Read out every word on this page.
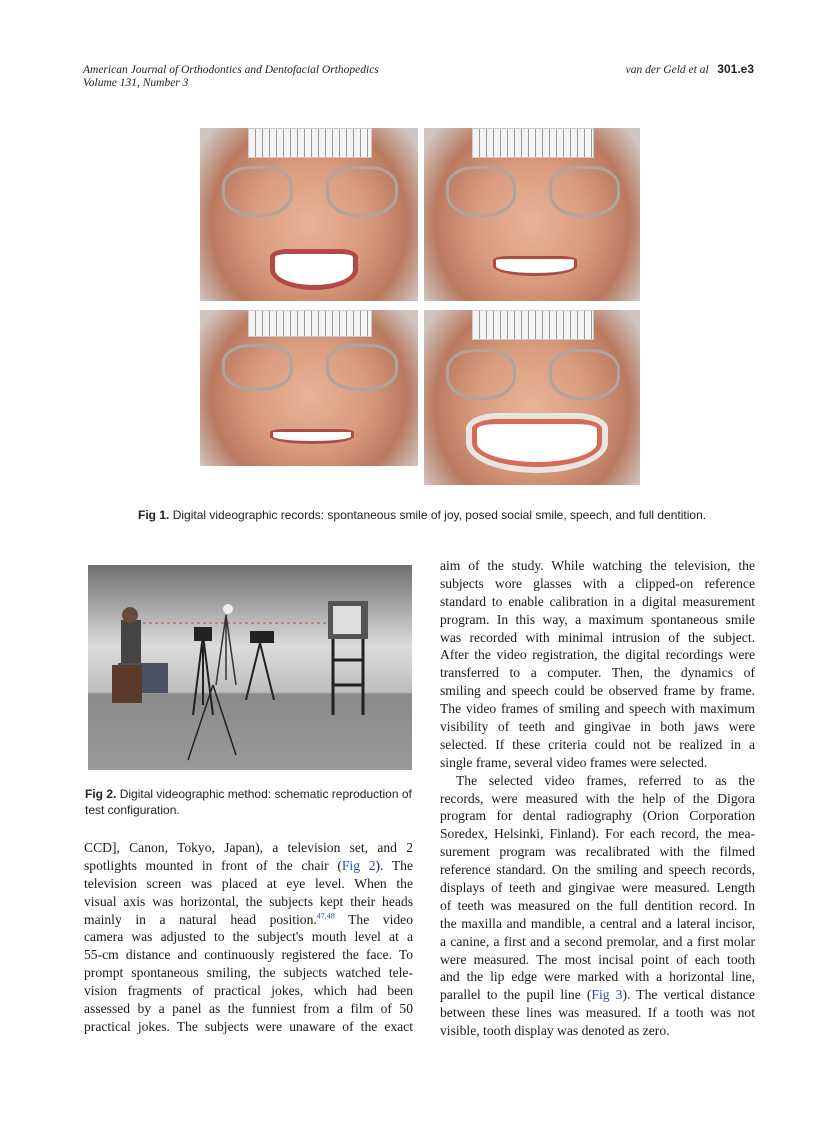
American Journal of Orthodontics and Dentofacial Orthopedics
Volume 131, Number 3
van der Geld et al 301.e3
Fig 1. Digital videographic records: spontaneous smile of joy, posed social smile, speech, and full dentition.
Fig 2. Digital videographic method: schematic reproduction of test configuration.
CCD], Canon, Tokyo, Japan), a television set, and 2
spotlights mounted in front of the chair (Fig 2). The
television screen was placed at eye level. When the
visual axis was horizontal, the subjects kept their heads
mainly in a natural head position.$^{47,48}$ The video
camera was adjusted to the subject's mouth level at a
55-cm distance and continuously registered the face. To
prompt spontaneous smiling, the subjects watched tele-
vision fragments of practical jokes, which had been
assessed by a panel as the funniest from a film of 50
practical jokes. The subjects were unaware of the exact
aim of the study. While watching the television, the
subjects wore glasses with a clipped-on reference
standard to enable calibration in a digital measurement
program. In this way, a maximum spontaneous smile
was recorded with minimal intrusion of the subject.
After the video registration, the digital recordings were
transferred to a computer. Then, the dynamics of
smiling and speech could be observed frame by frame.
The video frames of smiling and speech with maximum
visibility of teeth and gingivae in both jaws were
selected. If these criteria could not be realized in a
single frame, several video frames were selected.
The selected video frames, referred to as the
records, were measured with the help of the Digora
program for dental radiography (Orion Corporation
Soredex, Helsinki, Finland). For each record, the mea-
surement program was recalibrated with the filmed
reference standard. On the smiling and speech records,
displays of teeth and gingivae were measured. Length
of teeth was measured on the full dentition record. In
the maxilla and mandible, a central and a lateral incisor,
a canine, a first and a second premolar, and a first molar
were measured. The most incisal point of each tooth
and the lip edge were marked with a horizontal line,
parallel to the pupil line (Fig 3). The vertical distance
between these lines was measured. If a tooth was not
visible, tooth display was denoted as zero.
